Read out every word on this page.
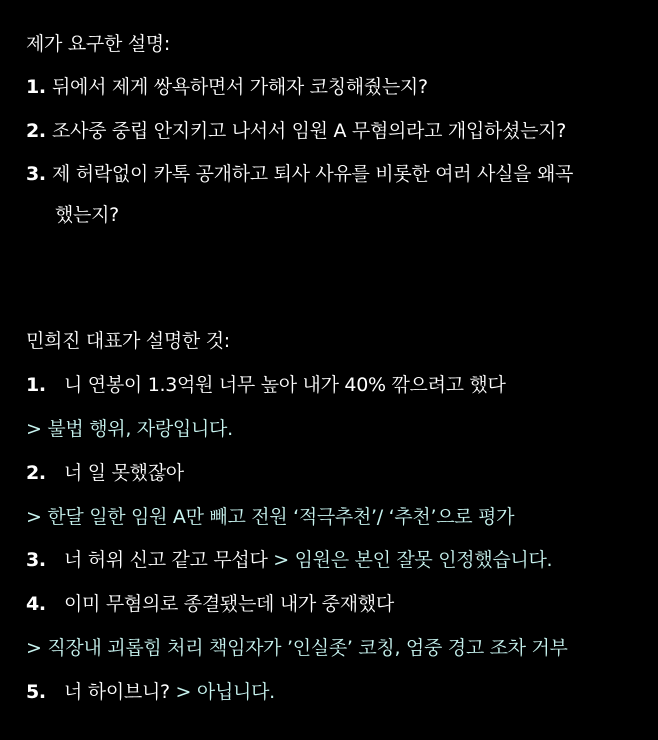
제가 요구한 설명:
1. 뒤에서 제게 쌍욕하면서 가해자 코칭해줬는지?
2. 조사중 중립 안지키고 나서서 임원 A 무혐의라고 개입하셨는지?
3. 제 허락없이 카톡 공개하고 퇴사 사유를 비롯한 여러 사실을 왜곡
했는지?
민희진 대표가 설명한 것:
1. 니 연봉이 1.3억원 너무 높아 내가 40% 깎으려고 했다
> 불법 행위, 자랑입니다.
2. 너 일 못했잖아
> 한달 일한 임원 A만 빼고 전원 ‘적극추천’/ ‘추천’으로 평가
3. 너 허위 신고 같고 무섭다 > 임원은 본인 잘못 인정했습니다.
4. 이미 무혐의로 종결됐는데 내가 중재했다
> 직장내 괴롭힘 처리 책임자가 ’인실좃’ 코칭, 엄중 경고 조차 거부
5. 너 하이브니? > 아닙니다.
